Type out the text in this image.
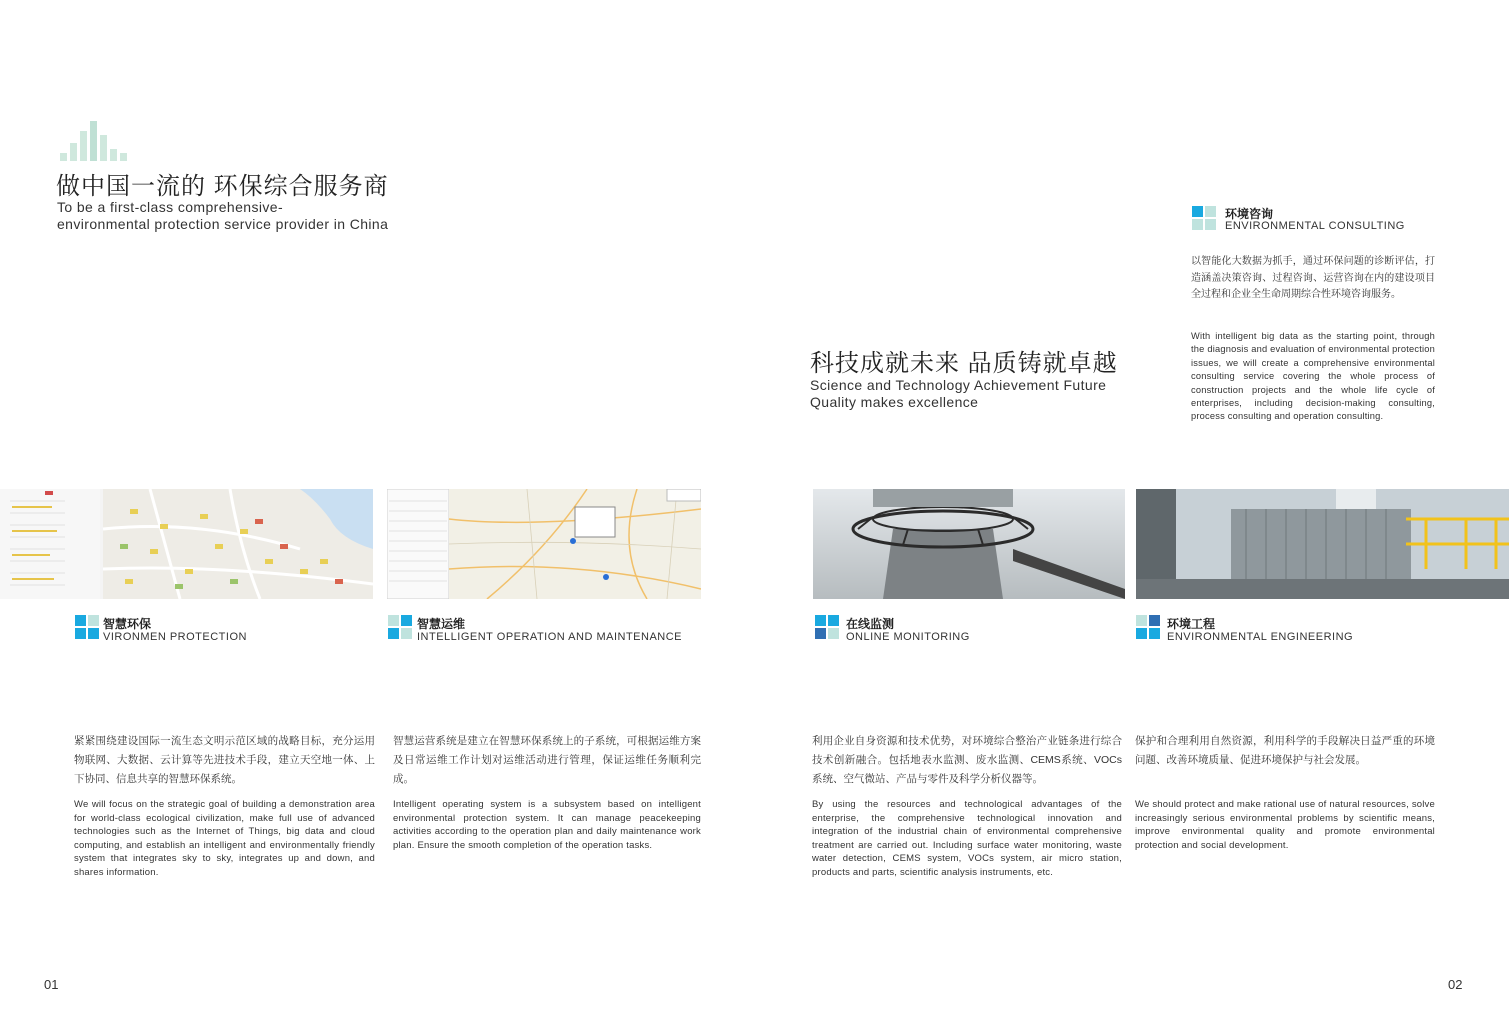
做中国一流的 环保综合服务商
To be a first-class comprehensive-
environmental protection service provider in China
科技成就未来 品质铸就卓越
Science and Technology Achievement Future
Quality makes excellence
环境咨询
ENVIRONMENTAL CONSULTING
以智能化大数据为抓手，通过环保问题的诊断评估，打造涵盖决策咨询、过程咨询、运营咨询在内的建设项目全过程和企业全生命周期综合性环境咨询服务。
With intelligent big data as the starting point, through the diagnosis and evaluation of environmental protection issues, we will create a comprehensive environmental consulting service covering the whole process of construction projects and the whole life cycle of enterprises, including decision-making consulting, process consulting and operation consulting.
智慧环保
VIRONMEN PROTECTION
紧紧围绕建设国际一流生态文明示范区域的战略目标，充分运用物联网、大数据、云计算等先进技术手段，建立天空地一体、上下协同、信息共享的智慧环保系统。
We will focus on the strategic goal of building a demonstration area for world-class ecological civilization, make full use of advanced technologies such as the Internet of Things, big data and cloud computing, and establish an intelligent and environmentally friendly system that integrates sky to sky, integrates up and down, and shares information.
智慧运维
INTELLIGENT OPERATION AND MAINTENANCE
智慧运营系统是建立在智慧环保系统上的子系统，可根据运维方案及日常运维工作计划对运维活动进行管理，保证运维任务顺利完成。
Intelligent operating system is a subsystem based on intelligent environmental protection system. It can manage peacekeeping activities according to the operation plan and daily maintenance work plan. Ensure the smooth completion of the operation tasks.
在线监测
ONLINE MONITORING
利用企业自身资源和技术优势，对环境综合整治产业链条进行综合技术创新融合。包括地表水监测、废水监测、CEMS系统、VOCs系统、空气微站、产品与零件及科学分析仪器等。
By using the resources and technological advantages of the enterprise, the comprehensive technological innovation and integration of the industrial chain of environmental comprehensive treatment are carried out. Including surface water monitoring, waste water detection, CEMS system, VOCs system, air micro station, products and parts, scientific analysis instruments, etc.
环境工程
ENVIRONMENTAL ENGINEERING
保护和合理利用自然资源，利用科学的手段解决日益严重的环境问题、改善环境质量、促进环境保护与社会发展。
We should protect and make rational use of natural resources, solve increasingly serious environmental problems by scientific means, improve environmental quality and promote environmental protection and social development.
01	02
